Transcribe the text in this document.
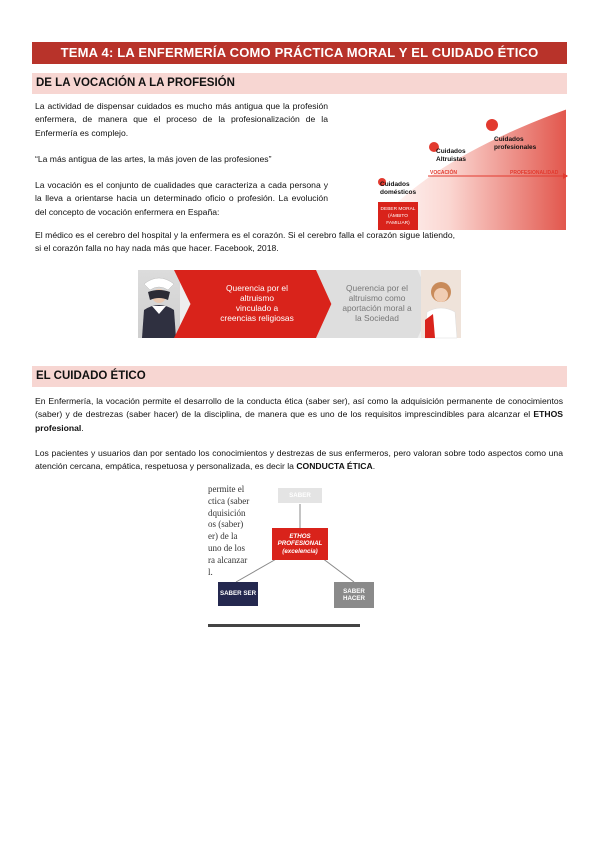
TEMA 4: LA ENFERMERÍA COMO PRÁCTICA MORAL Y EL CUIDADO ÉTICO
DE LA VOCACIÓN A LA PROFESIÓN

La actividad de dispensar cuidados es mucho más antigua que la profesión enfermera, de manera que el proceso de la profesionalización de la Enfermería es complejo.

“La más antigua de las artes, la más joven de las profesiones”

La vocación es el conjunto de cualidades que caracteriza a cada persona y la lleva a orientarse hacia un determinado oficio o profesión. La evolución del concepto de vocación enfermera en España:

El médico es el cerebro del hospital y la enfermera es el corazón. Si el cerebro falla el corazón sigue latiendo, si el corazón falla no hay nada más que hacer. Facebook, 2018.

Cuidados
domésticos
Cuidados
Altruistas
Cuidados
profesionales
VOCACIÓN	PROFESIONALIDAD
DEBER MORAL
(ÁMBITO
FAMILIAR)
Querencia por el
altruismo
vinculado a
creencias religiosas
Querencia por el
altruismo como
aportación moral a
la Sociedad
EL CUIDADO ÉTICO

En Enfermería, la vocación permite el desarrollo de la conducta ética (saber ser), así como la adquisición permanente de conocimientos (saber) y de destrezas (saber hacer) de la disciplina, de manera que es uno de los requisitos imprescindibles para alcanzar el ETHOS profesional.

Los pacientes y usuarios dan por sentado los conocimientos y destrezas de sus enfermeros, pero valoran sobre todo aspectos como una atención cercana, empática, respetuosa y personalizada, es decir la CONDUCTA ÉTICA.

permite el
ctica (saber
dquisición
os (saber)
er) de la
uno de los
ra alcanzar
l.
SABER
ETHOS
PROFESIONAL
(excelencia)
SABER SER	SABER
HACER
